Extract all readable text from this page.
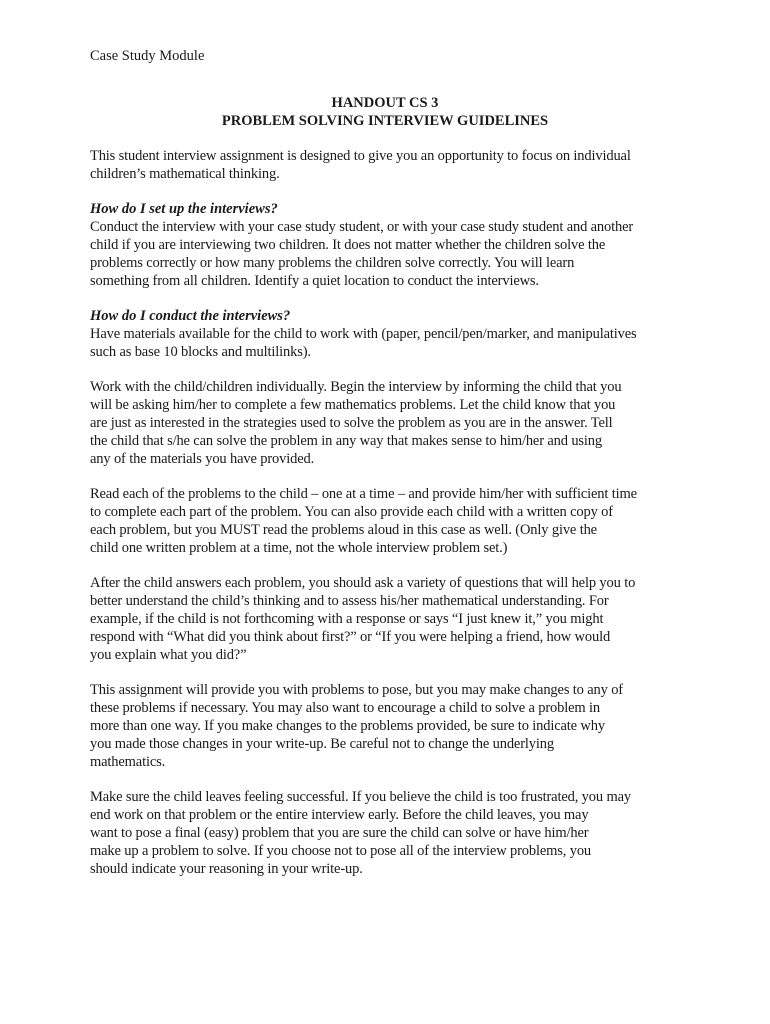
Case Study Module
HANDOUT CS 3
PROBLEM SOLVING INTERVIEW GUIDELINES
This student interview assignment is designed to give you an opportunity to focus on individual
children’s mathematical thinking.
How do I set up the interviews?
Conduct the interview with your case study student, or with your case study student and another
child if you are interviewing two children. It does not matter whether the children solve the
problems correctly or how many problems the children solve correctly. You will learn
something from all children. Identify a quiet location to conduct the interviews.
How do I conduct the interviews?
Have materials available for the child to work with (paper, pencil/pen/marker, and manipulatives
such as base 10 blocks and multilinks).
Work with the child/children individually. Begin the interview by informing the child that you
will be asking him/her to complete a few mathematics problems. Let the child know that you
are just as interested in the strategies used to solve the problem as you are in the answer. Tell
the child that s/he can solve the problem in any way that makes sense to him/her and using
any of the materials you have provided.
Read each of the problems to the child – one at a time – and provide him/her with sufficient time
to complete each part of the problem. You can also provide each child with a written copy of
each problem, but you MUST read the problems aloud in this case as well. (Only give the
child one written problem at a time, not the whole interview problem set.)
After the child answers each problem, you should ask a variety of questions that will help you to
better understand the child’s thinking and to assess his/her mathematical understanding. For
example, if the child is not forthcoming with a response or says “I just knew it,” you might
respond with “What did you think about first?” or “If you were helping a friend, how would
you explain what you did?”
This assignment will provide you with problems to pose, but you may make changes to any of
these problems if necessary. You may also want to encourage a child to solve a problem in
more than one way. If you make changes to the problems provided, be sure to indicate why
you made those changes in your write-up. Be careful not to change the underlying
mathematics.
Make sure the child leaves feeling successful. If you believe the child is too frustrated, you may
end work on that problem or the entire interview early. Before the child leaves, you may
want to pose a final (easy) problem that you are sure the child can solve or have him/her
make up a problem to solve. If you choose not to pose all of the interview problems, you
should indicate your reasoning in your write-up.
